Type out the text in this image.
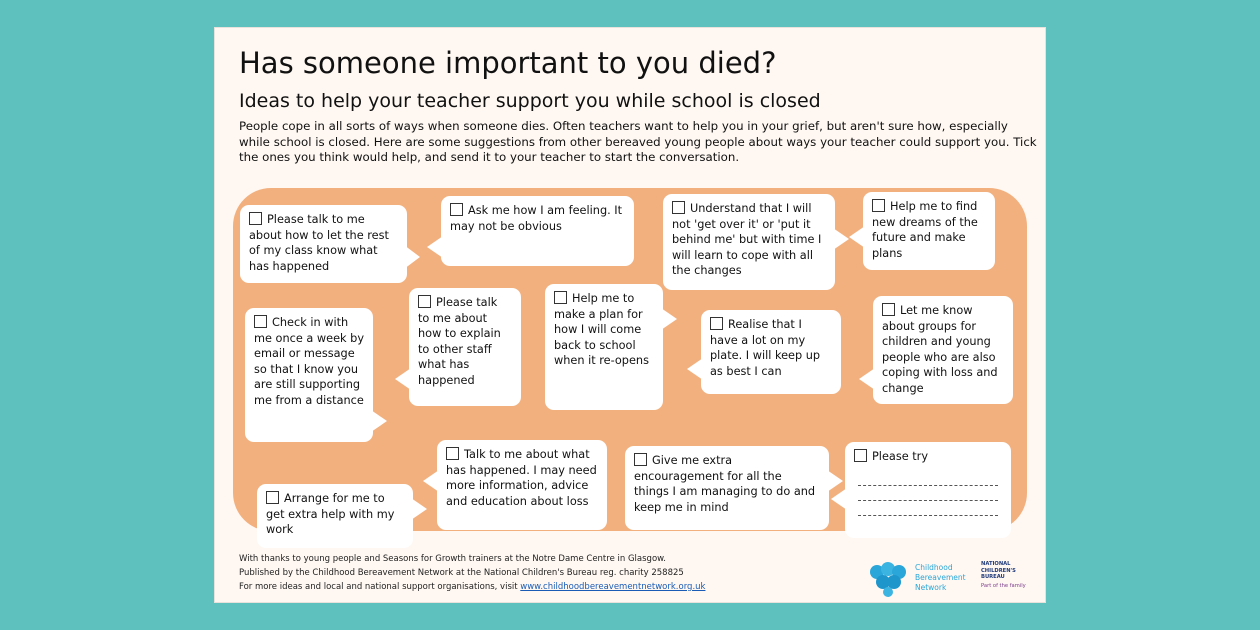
Has someone important to you died?
Ideas to help your teacher support you while school is closed
People cope in all sorts of ways when someone dies. Often teachers want to help you in your grief, but aren't sure how, especially while school is closed. Here are some suggestions from other bereaved young people about ways your teacher could support you. Tick the ones you think would help, and send it to your teacher to start the conversation.
Please talk to me about how to let the rest of my class know what has happened
Ask me how I am feeling. It may not be obvious
Understand that I will not 'get over it' or 'put it behind me' but with time I will learn to cope with all the changes
Help me to find new dreams of the future and make plans
Check in with me once a week by email or message so that I know you are still supporting me from a distance
Please talk to me about how to explain to other staff what has happened
Help me to make a plan for how I will come back to school when it re-opens
Realise that I have a lot on my plate. I will keep up as best I can
Let me know about groups for children and young people who are also coping with loss and change
Talk to me about what has happened. I may need more information, advice and education about loss
Give me extra encouragement for all the things I am managing to do and keep me in mind
Arrange for me to get extra help with my work
Please try
With thanks to young people and Seasons for Growth trainers at the Notre Dame Centre in Glasgow.
Published by the Childhood Bereavement Network at the National Children's Bureau reg. charity 258825
For more ideas and local and national support organisations, visit www.childhoodbereavementnetwork.org.uk
Childhood
Bereavement
Network
NATIONAL
CHILDREN'S
BUREAU
Part of the family
